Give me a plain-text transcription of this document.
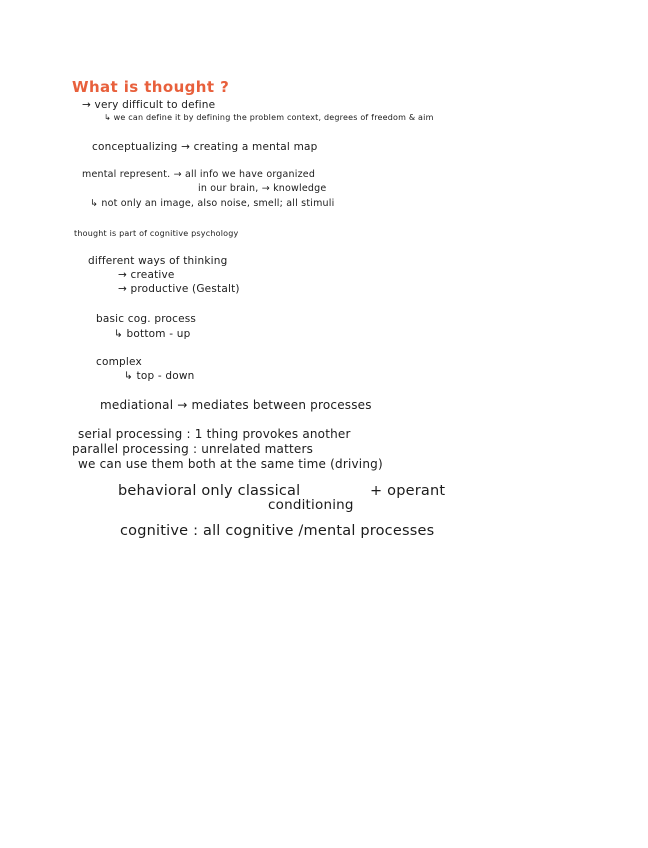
What is thought ?
→ very difficult to define
↳ we can define it by defining the problem context, degrees of freedom & aim
conceptualizing → creating a mental map
mental represent. → all info we have organized
in our brain, → knowledge
↳ not only an image, also noise, smell; all stimuli
thought is part of cognitive psychology
different ways of thinking
→ creative
→ productive (Gestalt)
basic cog. process
↳ bottom - up
complex
↳ top - down
mediational → mediates between processes
serial processing : 1 thing provokes another
parallel processing : unrelated matters
we can use them both at the same time (driving)
behavioral only classical	+ operant
conditioning
cognitive : all cognitive /mental processes
